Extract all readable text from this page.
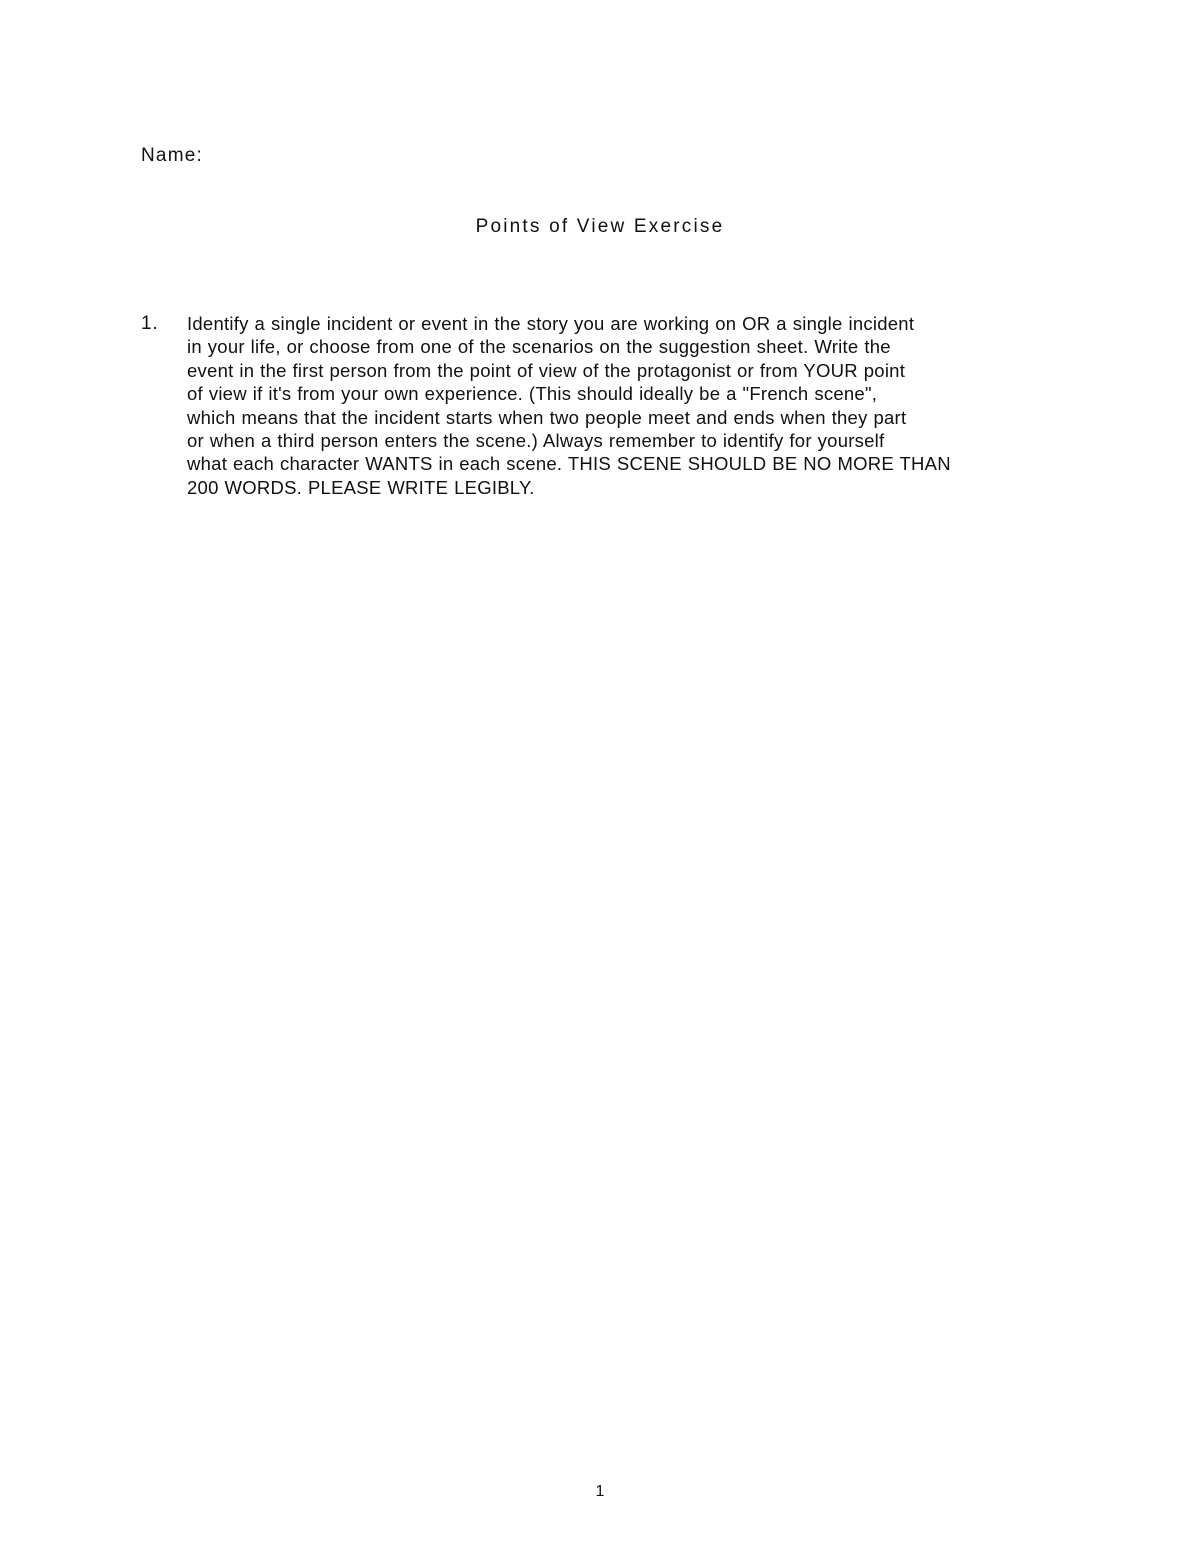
Name:
Points of View Exercise
1. Identify a single incident or event in the story you are working on OR a single incident
in your life, or choose from one of the scenarios on the suggestion sheet. Write the
event in the first person from the point of view of the protagonist or from YOUR point
of view if it's from your own experience. (This should ideally be a "French scene",
which means that the incident starts when two people meet and ends when they part
or when a third person enters the scene.) Always remember to identify for yourself
what each character WANTS in each scene. THIS SCENE SHOULD BE NO MORE THAN
200 WORDS. PLEASE WRITE LEGIBLY.
1
